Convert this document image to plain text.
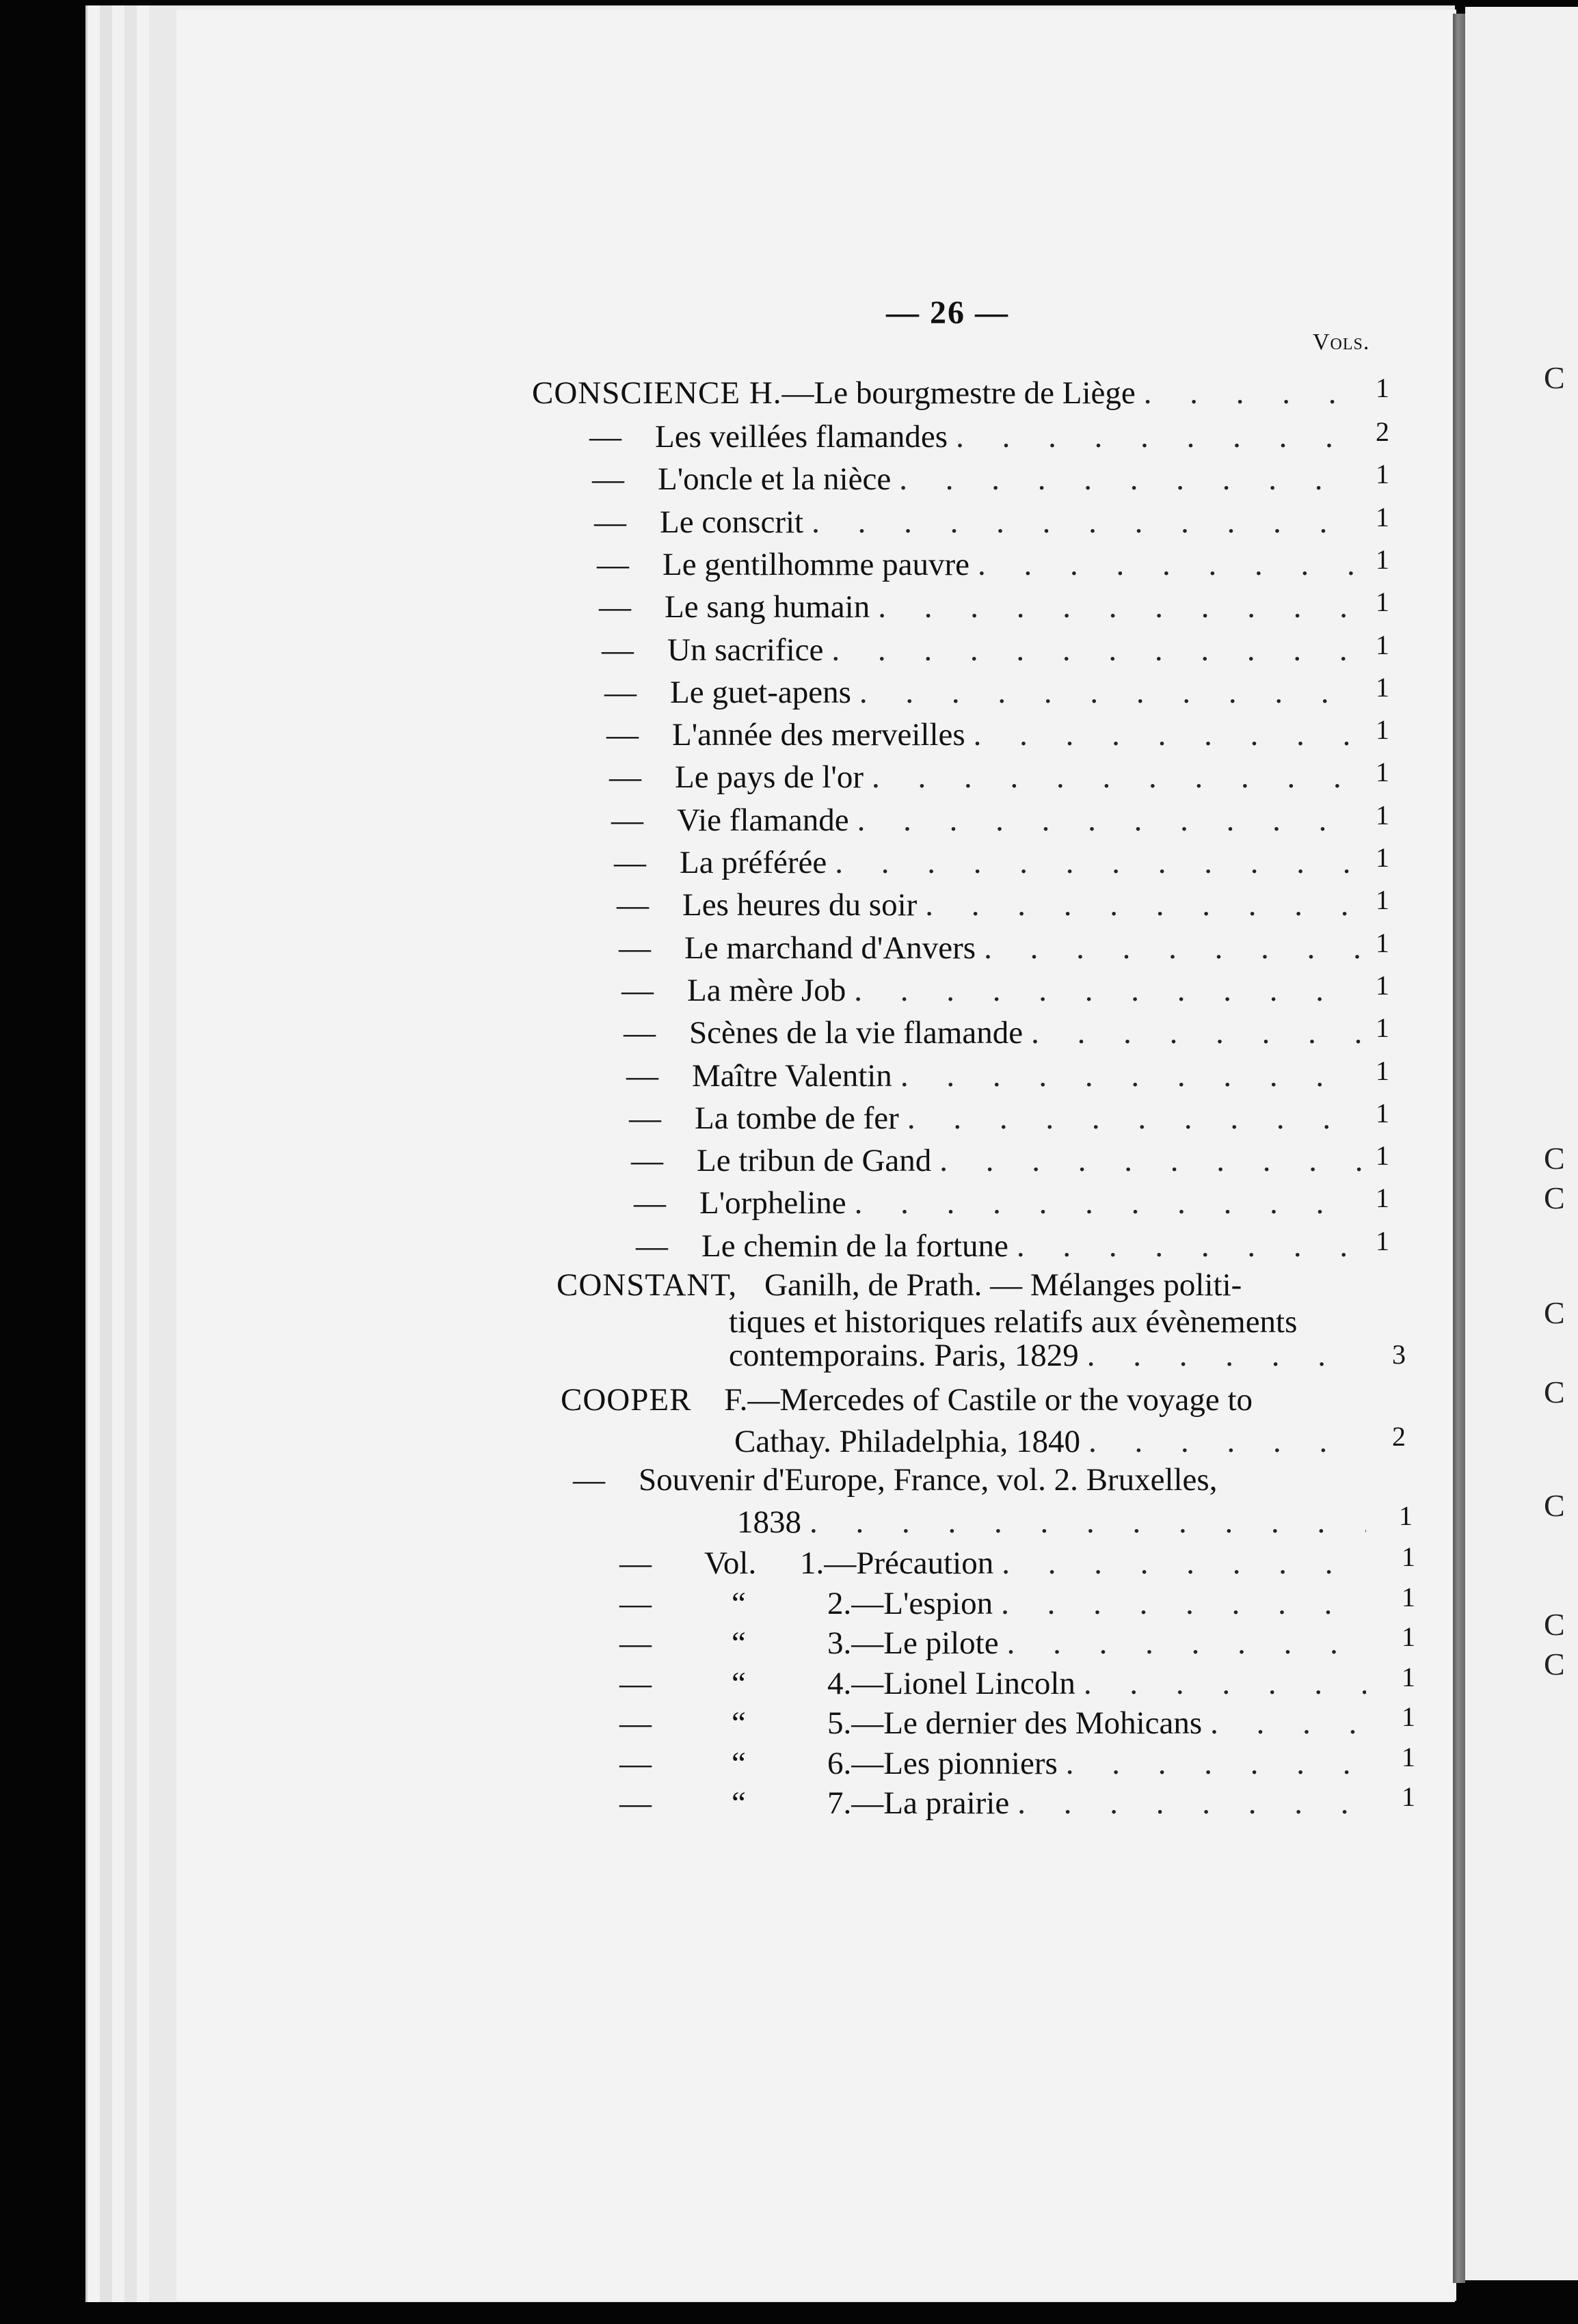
C
C
C
C
C
C
C
C
— 26 —
Vols.
CONSCIENCE H. —Le bourgmestre de Liège . . .	1
—	Les veillées flamandes . . .	2
—	L'oncle et la nièce . . .	1
—	Le conscrit . . .	1
—	Le gentilhomme pauvre . . .	1
—	Le sang humain . . .	1
—	Un sacrifice . . .	1
—	Le guet-apens . . .	1
—	L'année des merveilles . . .	1
—	Le pays de l'or . . .	1
—	Vie flamande . . .	1
—	La préférée . . .	1
—	Les heures du soir . . .	1
—	Le marchand d'Anvers . . .	1
—	La mère Job . . .	1
—	Scènes de la vie flamande . . .	1
—	Maître Valentin . . .	1
—	La tombe de fer . . .	1
—	Le tribun de Gand . . .	1
—	L'orpheline . . .	1
—	Le chemin de la fortune . . .	1
CONSTANT, Ganilh, de Prath. — Mélanges politi-
tiques et historiques relatifs aux évènements
contemporains. Paris, 1829 . . .	3
COOPER F.—Mercedes of Castile or the voyage to
Cathay. Philadelphia, 1840 . . .	2
—	Souvenir d'Europe, France, vol. 2. Bruxelles,
1838 . . .	1
—	Vol.	1. —Précaution . . .	1
—	“	2. —L'espion . . .	1
—	“	3. —Le pilote . . .	1
—	“	4. —Lionel Lincoln . . .	1
—	“	5. —Le dernier des Mohicans . . .	1
—	“	6. —Les pionniers . . .	1
—	“	7. —La prairie . . .	1
